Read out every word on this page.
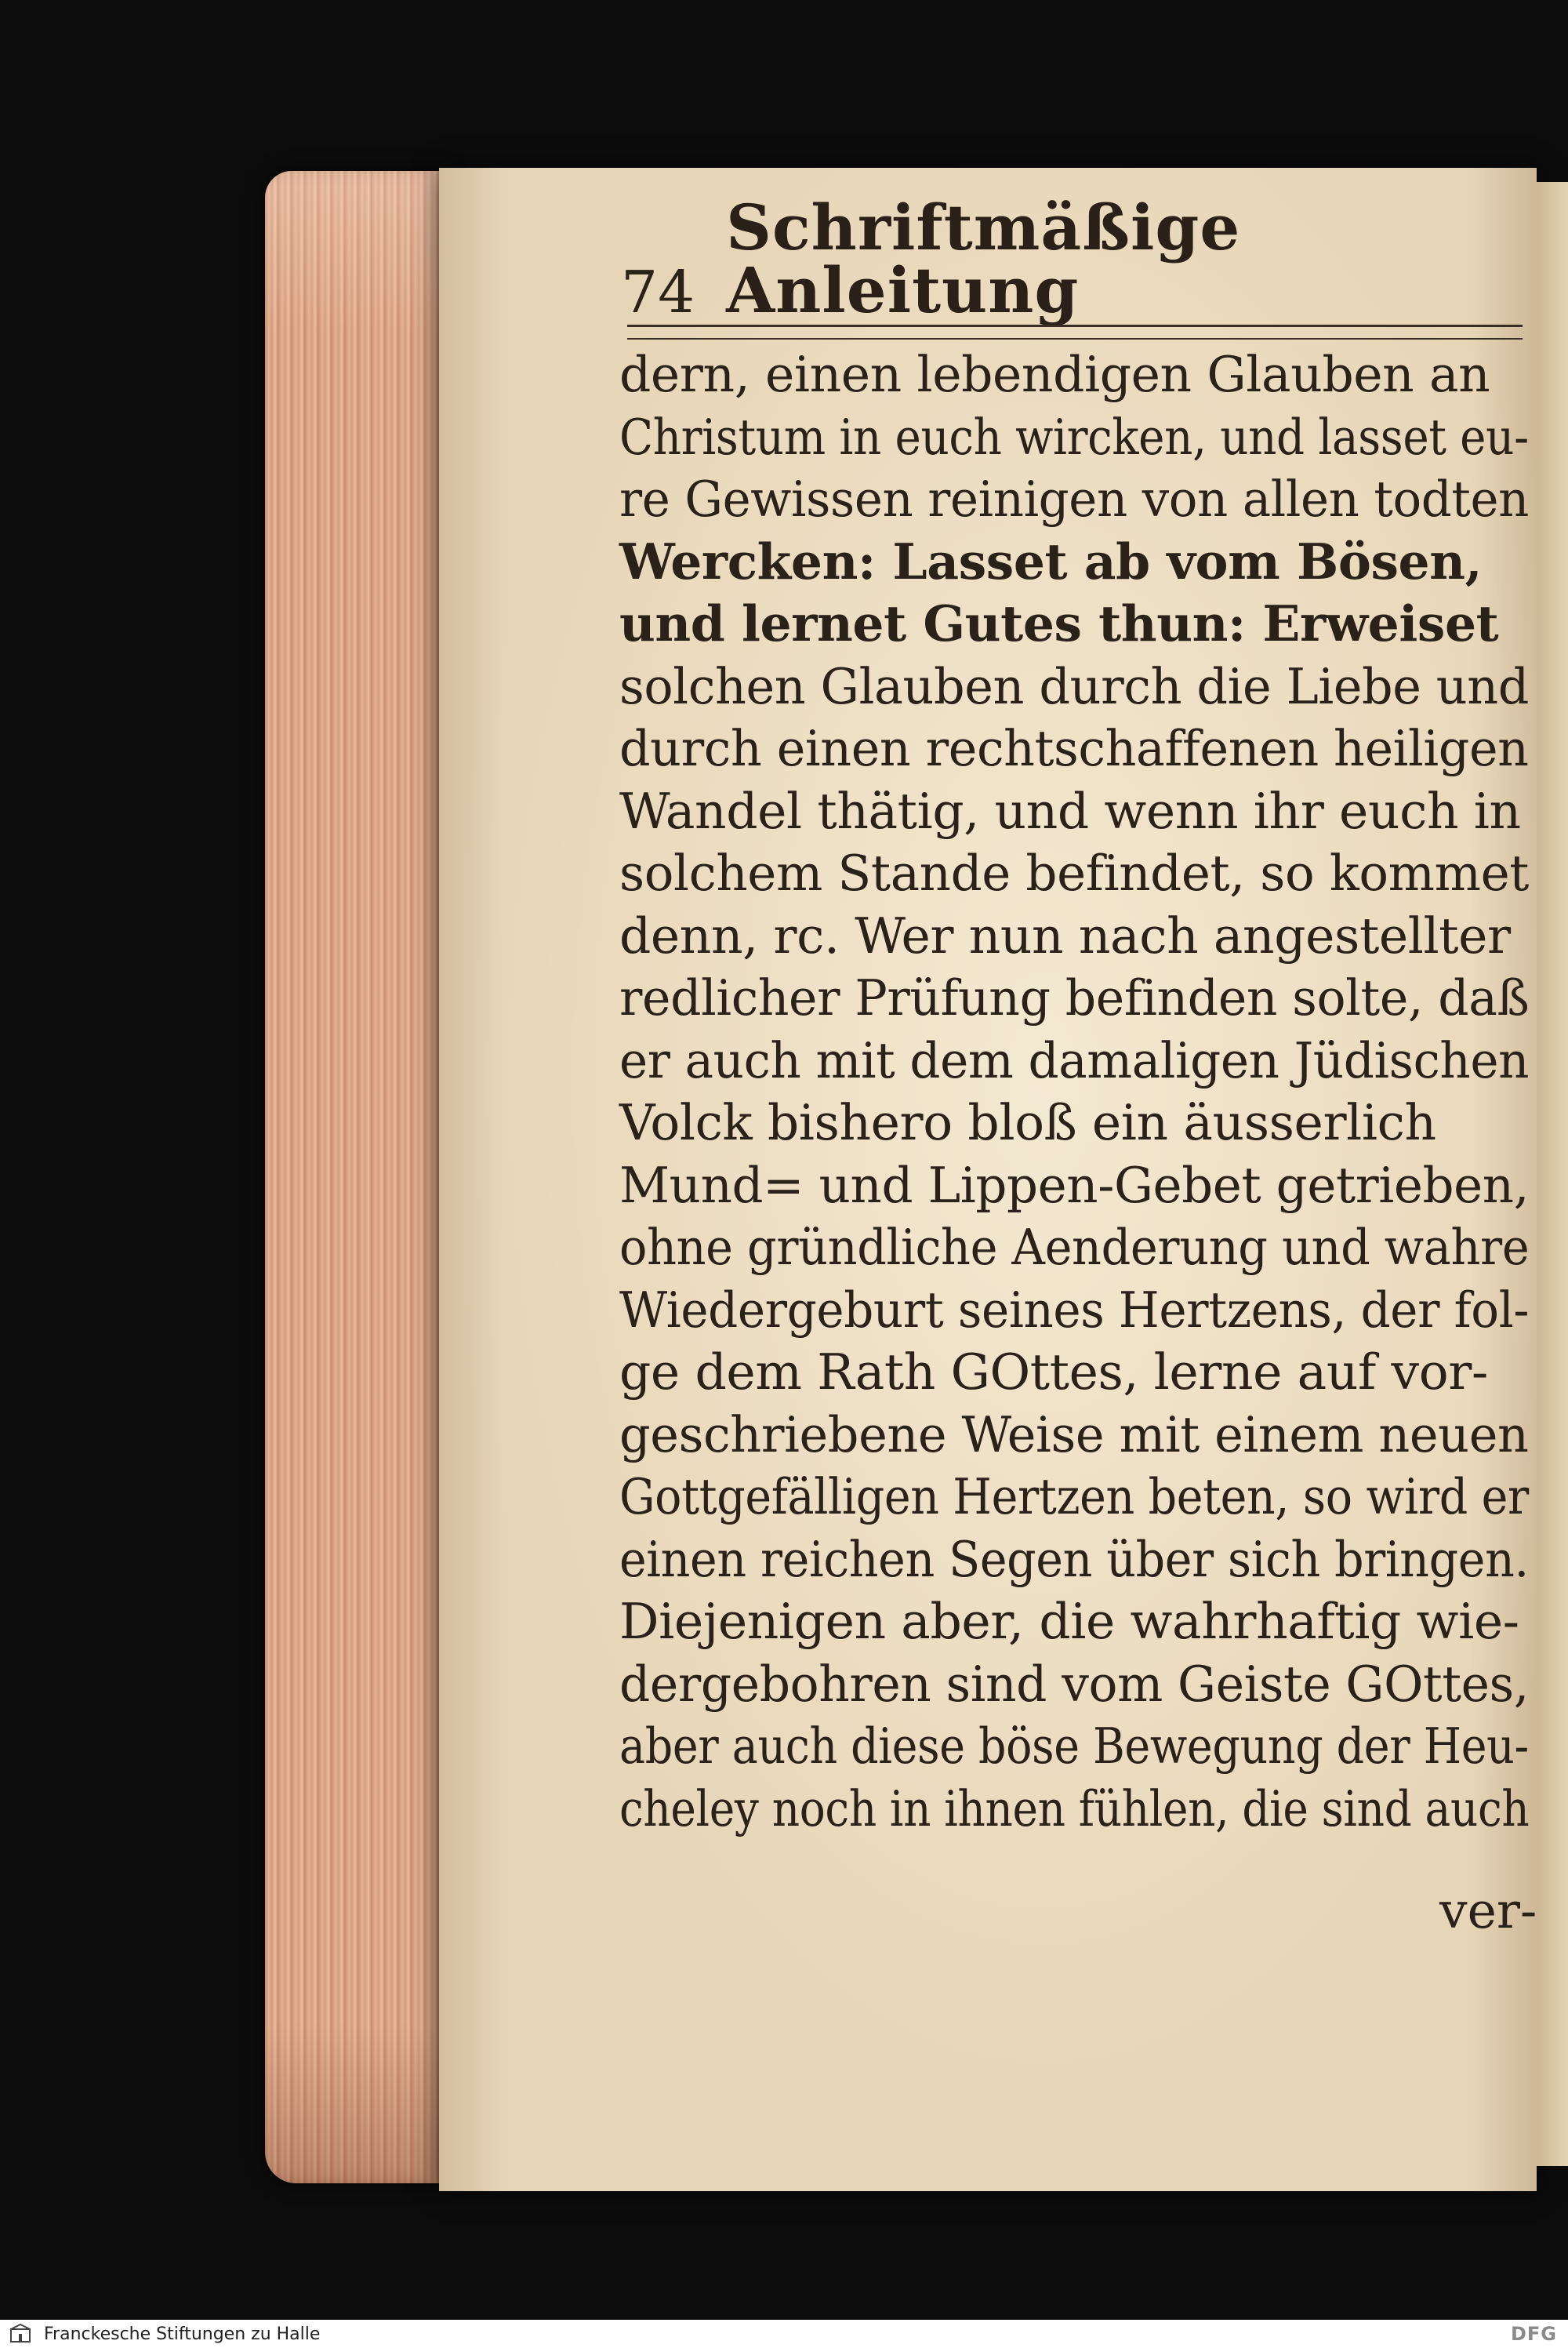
74
Schriftmäßige Anleitung
dern, einen lebendigen Glauben an
Christum in euch wircken, und lasset eu-
re Gewissen reinigen von allen todten
Wercken: Lasset ab vom Bösen,
und lernet Gutes thun: Erweiset
solchen Glauben durch die Liebe und
durch einen rechtschaffenen heiligen
Wandel thätig, und wenn ihr euch in
solchem Stande befindet, so kommet
denn, rc. Wer nun nach angestellter
redlicher Prüfung befinden solte, daß
er auch mit dem damaligen Jüdischen
Volck bishero bloß ein äusserlich
Mund= und Lippen-Gebet getrieben,
ohne gründliche Aenderung und wahre
Wiedergeburt seines Hertzens, der fol-
ge dem Rath GOttes, lerne auf vor-
geschriebene Weise mit einem neuen
Gottgefälligen Hertzen beten, so wird er
einen reichen Segen über sich bringen.
Diejenigen aber, die wahrhaftig wie-
dergebohren sind vom Geiste GOttes,
aber auch diese böse Bewegung der Heu-
cheley noch in ihnen fühlen, die sind auch
ver-
Franckesche Stiftungen zu Halle	DFG
